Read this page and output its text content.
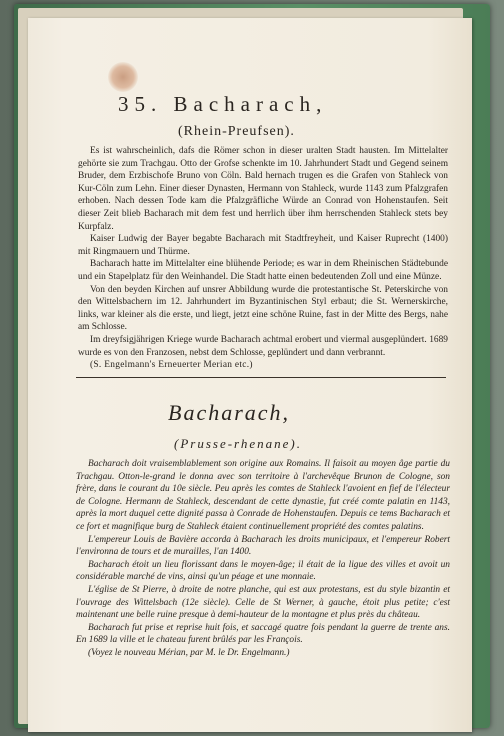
35. Bacharach,
(Rhein-Preufsen).

Es ist wahrscheinlich, dafs die Römer schon in dieser uralten Stadt hausten. Im Mittelalter gehörte sie zum Trachgau. Otto der Grofse schenkte im 10. Jahrhundert Stadt und Gegend seinem Bruder, dem Erzbischofe Bruno von Cöln. Bald hernach trugen es die Grafen von Stahleck von Kur-Cöln zum Lehn. Einer dieser Dynasten, Hermann von Stahleck, wurde 1143 zum Pfalzgrafen erhoben. Nach dessen Tode kam die Pfalzgräfliche Würde an Conrad von Hohenstaufen. Seit dieser Zeit blieb Bacharach mit dem fest und herrlich über ihm herrschenden Stahleck stets bey Kurpfalz.

Kaiser Ludwig der Bayer begabte Bacharach mit Stadtfreyheit, und Kaiser Ruprecht (1400) mit Ringmauern und Thürme.

Bacharach hatte im Mittelalter eine blühende Periode; es war in dem Rheinischen Städtebunde und ein Stapelplatz für den Weinhandel. Die Stadt hatte einen bedeutenden Zoll und eine Münze.

Von den beyden Kirchen auf unsrer Abbildung wurde die protestantische St. Peterskirche von den Wittelsbachern im 12. Jahrhundert im Byzantinischen Styl erbaut; die St. Wernerskirche, links, war kleiner als die erste, und liegt, jetzt eine schöne Ruine, fast in der Mitte des Bergs, nahe am Schlosse.

Im dreyfsigjährigen Kriege wurde Bacharach achtmal erobert und viermal ausgeplündert. 1689 wurde es von den Franzosen, nebst dem Schlosse, geplündert und dann verbrannt.

(S. Engelmann's Erneuerter Merian etc.)

Bacharach,
(Prusse-rhenane).

Bacharach doit vraisemblablement son origine aux Romains. Il faisoit au moyen âge partie du Trachgau. Otton-le-grand le donna avec son territoire à l'archevêque Brunon de Cologne, son frère, dans le courant du 10e siècle. Peu après les comtes de Stahleck l'avoient en fief de l'électeur de Cologne. Hermann de Stahleck, descendant de cette dynastie, fut créé comte palatin en 1143, après la mort duquel cette dignité passa à Conrade de Hohenstaufen. Depuis ce tems Bacharach et ce fort et magnifique burg de Stahleck étaient continuellement propriété des comtes palatins.

L'empereur Louis de Bavière accorda à Bacharach les droits municipaux, et l'empereur Robert l'environna de tours et de murailles, l'an 1400.

Bacharach étoit un lieu florissant dans le moyen-âge; il était de la ligue des villes et avoit un considérable marché de vins, ainsi qu'un péage et une monnaie.

L'église de St Pierre, à droite de notre planche, qui est aux protestans, est du style bizantin et l'ouvrage des Wittelsbach (12e siècle). Celle de St Werner, à gauche, étoit plus petite; c'est maintenant une belle ruine presque à demi-hauteur de la montagne et plus près du château.

Bacharach fut prise et reprise huit fois, et saccagé quatre fois pendant la guerre de trente ans. En 1689 la ville et le chateau furent brûlés par les François.

(Voyez le nouveau Mérian, par M. le Dr. Engelmann.)
